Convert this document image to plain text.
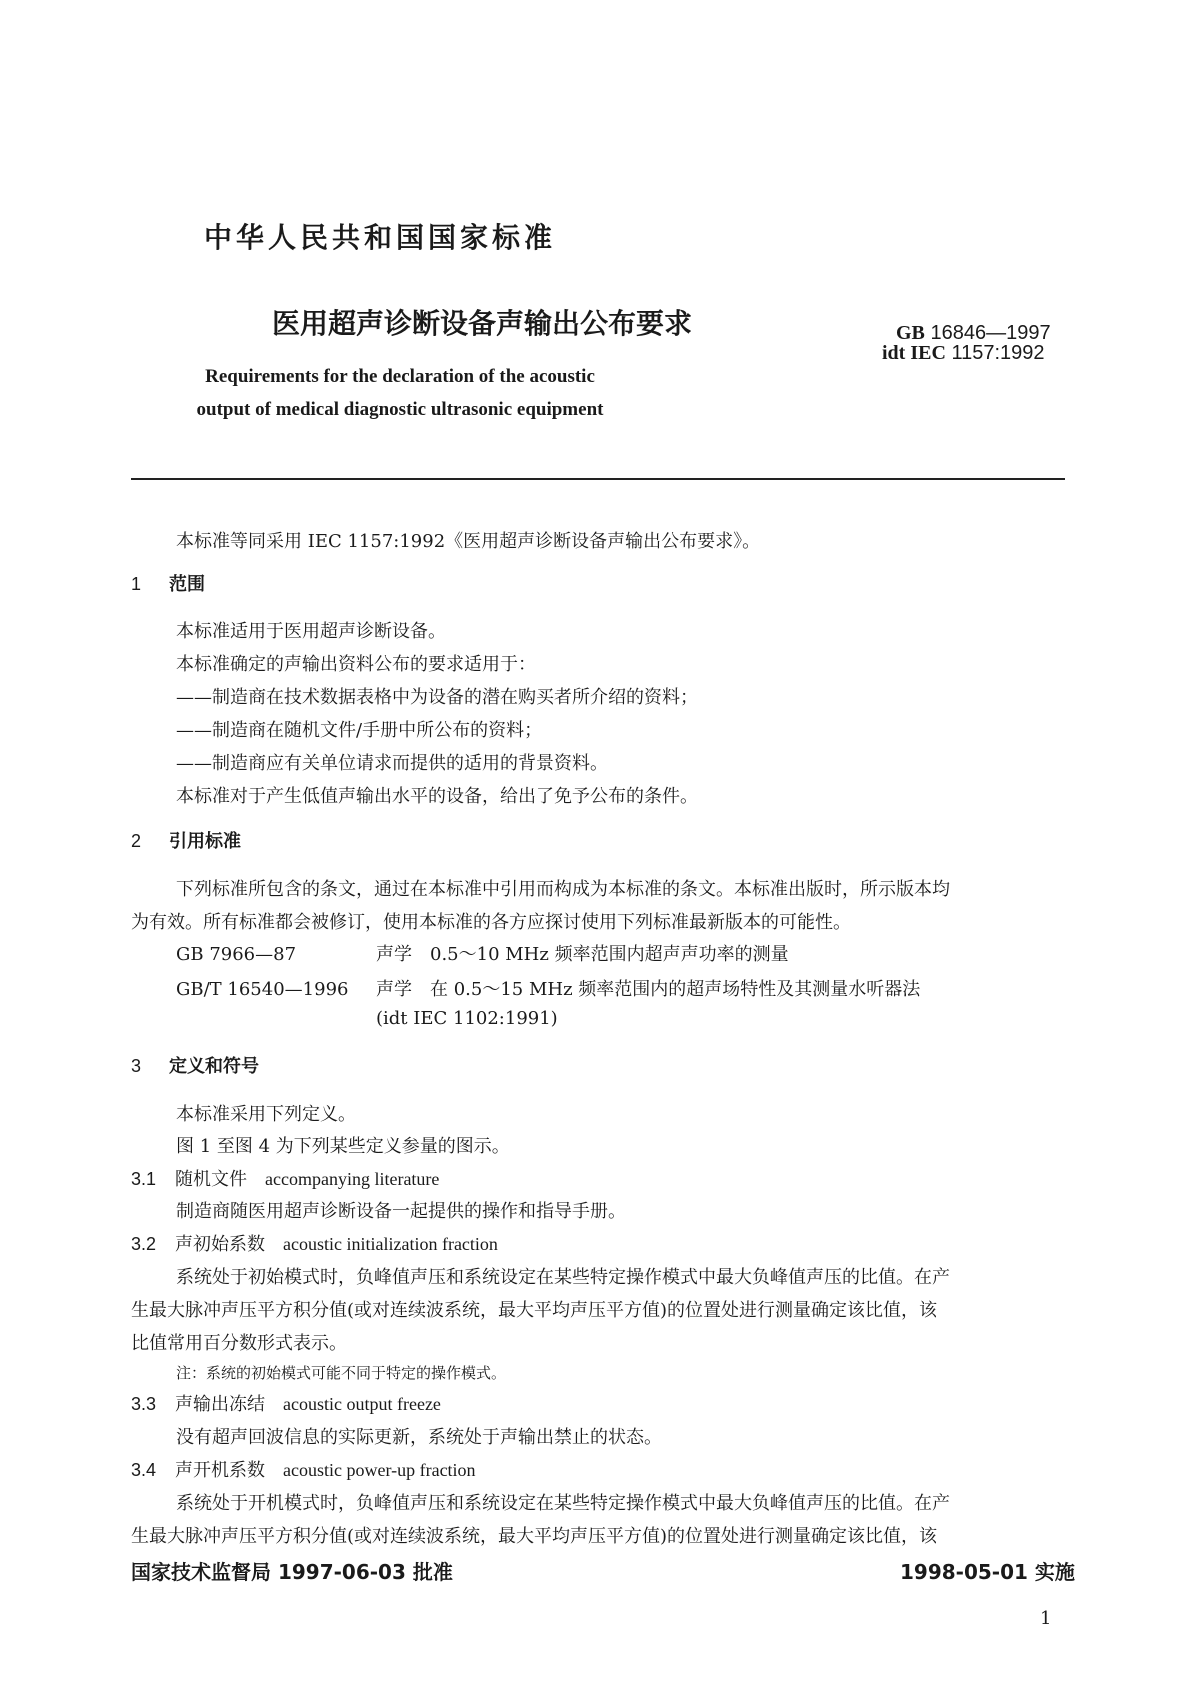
中华人民共和国国家标准
医用超声诊断设备声输出公布要求	GB 16846—1997
idt IEC 1157:1992
Requirements for the declaration of the acoustic
output of medical diagnostic ultrasonic equipment
本标准等同采用 IEC 1157:1992《医用超声诊断设备声输出公布要求》。
1 范围
本标准适用于医用超声诊断设备。
本标准确定的声输出资料公布的要求适用于：
——制造商在技术数据表格中为设备的潜在购买者所介绍的资料；
——制造商在随机文件/手册中所公布的资料；
——制造商应有关单位请求而提供的适用的背景资料。
本标准对于产生低值声输出水平的设备，给出了免予公布的条件。
2 引用标准
下列标准所包含的条文，通过在本标准中引用而构成为本标准的条文。本标准出版时，所示版本均
为有效。所有标准都会被修订，使用本标准的各方应探讨使用下列标准最新版本的可能性。
GB 7966—87	声学　0.5～10 MHz 频率范围内超声声功率的测量
GB/T 16540—1996 声学　在 0.5～15 MHz 频率范围内的超声场特性及其测量水听器法
(idt IEC 1102:1991)
3 定义和符号
本标准采用下列定义。
图 1 至图 4 为下列某些定义参量的图示。
3.1 随机文件 accompanying literature
制造商随医用超声诊断设备一起提供的操作和指导手册。
3.2 声初始系数 acoustic initialization fraction
系统处于初始模式时，负峰值声压和系统设定在某些特定操作模式中最大负峰值声压的比值。在产
生最大脉冲声压平方积分值(或对连续波系统，最大平均声压平方值)的位置处进行测量确定该比值，该
比值常用百分数形式表示。
注：系统的初始模式可能不同于特定的操作模式。
3.3 声输出冻结 acoustic output freeze
没有超声回波信息的实际更新，系统处于声输出禁止的状态。
3.4 声开机系数 acoustic power-up fraction
系统处于开机模式时，负峰值声压和系统设定在某些特定操作模式中最大负峰值声压的比值。在产
生最大脉冲声压平方积分值(或对连续波系统，最大平均声压平方值)的位置处进行测量确定该比值，该
国家技术监督局 1997-06-03 批准	1998-05-01 实施
1
